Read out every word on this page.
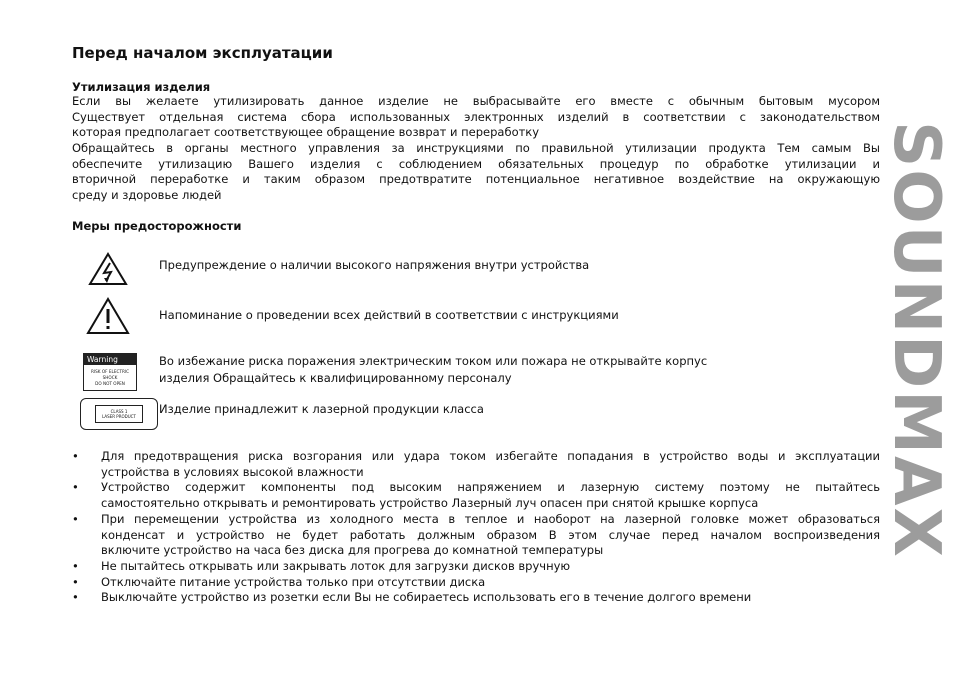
Перед началом эксплуатации
Утилизация изделия
Если вы желаете утилизировать данное изделие не выбрасывайте его вместе с обычным бытовым мусором
Существует отдельная система сбора использованных электронных изделий в соответствии с законодательством
которая предполагает соответствующее обращение возврат и переработку
Обращайтесь в органы местного управления за инструкциями по правильной утилизации продукта Тем самым Вы
обеспечите утилизацию Вашего изделия с соблюдением обязательных процедур по обработке утилизации и
вторичной переработке и таким образом предотвратите потенциальное негативное воздействие на окружающую
среду и здоровье людей
Меры предосторожности

Предупреждение о наличии высокого напряжения внутри устройства

Напоминание о проведении всех действий в соответствии с инструкциями

Warning
RISK OF ELECTRIC SHOCK
DO NOT OPEN

Во избежание риска поражения электрическим током или пожара не открывайте корпус
изделия Обращайтесь к квалифицированному персоналу

CLASS 1
LASER PRODUCT

Изделие принадлежит к лазерной продукции класса

• Для предотвращения риска возгорания или удара током избегайте попадания в устройство воды и эксплуатации
устройства в условиях высокой влажности
• Устройство содержит компоненты под высоким напряжением и лазерную систему поэтому не пытайтесь
самостоятельно открывать и ремонтировать устройство Лазерный луч опасен при снятой крышке корпуса
• При перемещении устройства из холодного места в теплое и наоборот на лазерной головке может образоваться
конденсат и устройство не будет работать должным образом В этом случае перед началом воспроизведения
включите устройство на часа без диска для прогрева до комнатной температуры
• Не пытайтесь открывать или закрывать лоток для загрузки дисков вручную
• Отключайте питание устройства только при отсутствии диска
• Выключайте устройство из розетки если Вы не собираетесь использовать его в течение долгого времени
SOUNDMAX
